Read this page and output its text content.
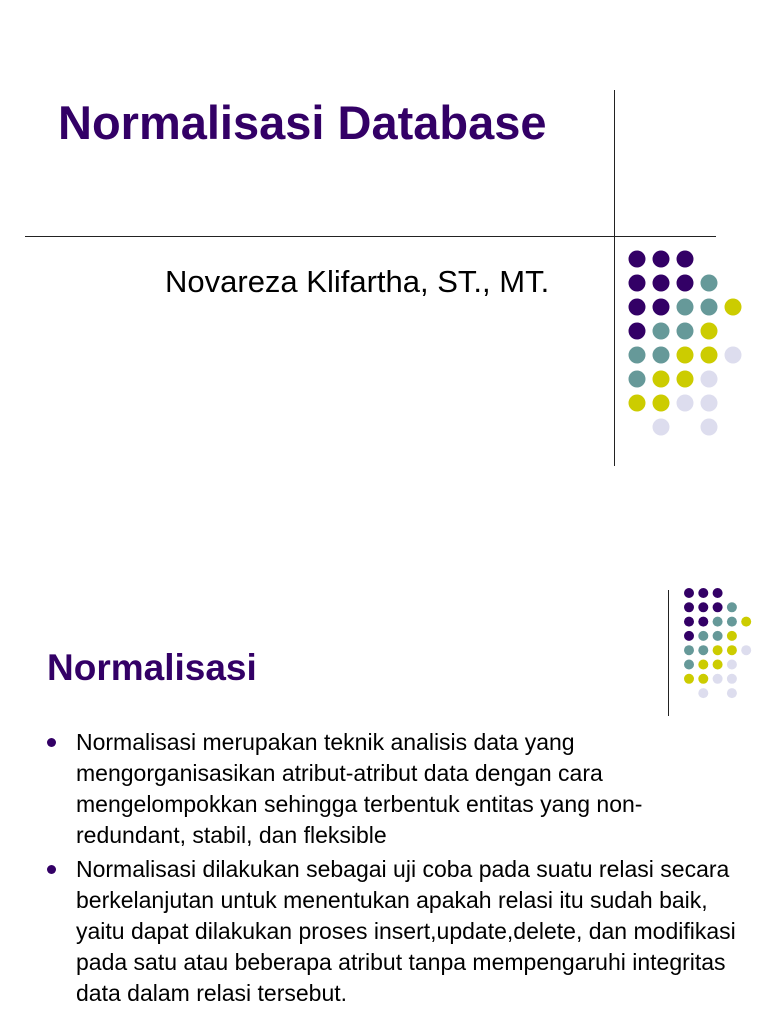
Normalisasi Database

Novareza Klifartha, ST., MT.

Normalisasi
Normalisasi merupakan teknik analisis data yang mengorganisasikan atribut-atribut data dengan cara mengelompokkan sehingga terbentuk entitas yang non-redundant, stabil, dan fleksible
Normalisasi dilakukan sebagai uji coba pada suatu relasi secara berkelanjutan untuk menentukan apakah relasi itu sudah baik, yaitu dapat dilakukan proses insert,update,delete, dan modifikasi pada satu atau beberapa atribut tanpa mempengaruhi integritas data dalam relasi tersebut.
